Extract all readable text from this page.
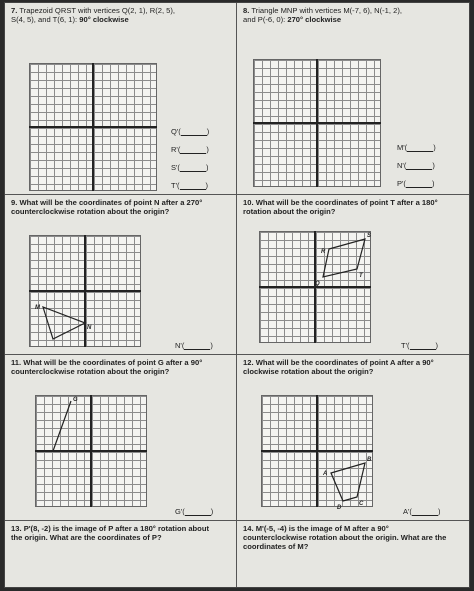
7. Trapezoid QRST with vertices Q(2, 1), R(2, 5),
S(4, 5), and T(6, 1): 90° clockwise
Q'(	)
R'(	)
S'(	)
T'(	)
8. Triangle MNP with vertices M(-7, 6), N(-1, 2),
and P(-6, 0): 270° clockwise
M'(	)
N'(	)
P'(	)
9. What will be the coordinates of point N after a 270° counterclockwise rotation about the origin?
M
N
N'(	)
10. What will be the coordinates of point T after a 180° rotation about the origin?
R
S
T
Q
T'(	)
11. What will be the coordinates of point G after a 90° counterclockwise rotation about the origin?
G
G'(	)
12. What will be the coordinates of point A after a 90° clockwise rotation about the origin?
A
B
D
C
A'(	)
13. P'(8, -2) is the image of P after a 180° rotation about the origin. What are the coordinates of P?
14. M'(-5, -4) is the image of M after a 90° counterclockwise rotation about the origin. What are the coordinates of M?
